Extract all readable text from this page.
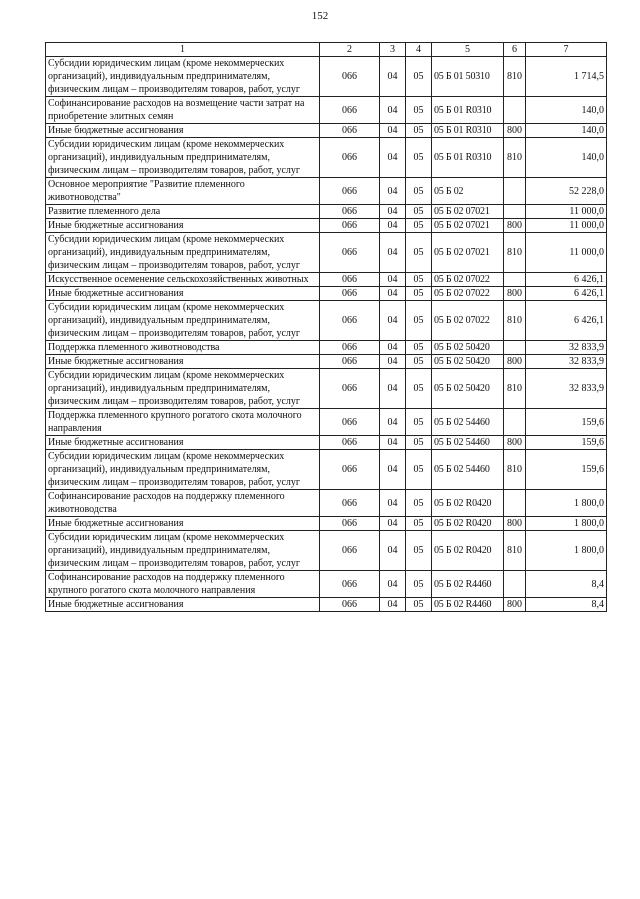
152
1	2	3	4	5	6	7
Субсидии юридическим лицам (кроме некоммерческих организаций), индивидуальным предпринимателям, физическим лицам – производителям товаров, работ, услуг	066	04	05	05 Б 01 50310	810	1 714,5
Софинансирование расходов на возмещение части затрат на приобретение элитных семян	066	04	05	05 Б 01 R0310		140,0
Иные бюджетные ассигнования	066	04	05	05 Б 01 R0310	800	140,0
Субсидии юридическим лицам (кроме некоммерческих организаций), индивидуальным предпринимателям, физическим лицам – производителям товаров, работ, услуг	066	04	05	05 Б 01 R0310	810	140,0
Основное мероприятие "Развитие племенного животноводства"	066	04	05	05 Б 02		52 228,0
Развитие племенного дела	066	04	05	05 Б 02 07021		11 000,0
Иные бюджетные ассигнования	066	04	05	05 Б 02 07021	800	11 000,0
Субсидии юридическим лицам (кроме некоммерческих организаций), индивидуальным предпринимателям, физическим лицам – производителям товаров, работ, услуг	066	04	05	05 Б 02 07021	810	11 000,0
Искусственное осеменение сельскохозяйственных животных	066	04	05	05 Б 02 07022		6 426,1
Иные бюджетные ассигнования	066	04	05	05 Б 02 07022	800	6 426,1
Субсидии юридическим лицам (кроме некоммерческих организаций), индивидуальным предпринимателям, физическим лицам – производителям товаров, работ, услуг	066	04	05	05 Б 02 07022	810	6 426,1
Поддержка племенного животноводства	066	04	05	05 Б 02 50420		32 833,9
Иные бюджетные ассигнования	066	04	05	05 Б 02 50420	800	32 833,9
Субсидии юридическим лицам (кроме некоммерческих организаций), индивидуальным предпринимателям, физическим лицам – производителям товаров, работ, услуг	066	04	05	05 Б 02 50420	810	32 833,9
Поддержка племенного крупного рогатого скота молочного направления	066	04	05	05 Б 02 54460		159,6
Иные бюджетные ассигнования	066	04	05	05 Б 02 54460	800	159,6
Субсидии юридическим лицам (кроме некоммерческих организаций), индивидуальным предпринимателям, физическим лицам – производителям товаров, работ, услуг	066	04	05	05 Б 02 54460	810	159,6
Софинансирование расходов на поддержку племенного животноводства	066	04	05	05 Б 02 R0420		1 800,0
Иные бюджетные ассигнования	066	04	05	05 Б 02 R0420	800	1 800,0
Субсидии юридическим лицам (кроме некоммерческих организаций), индивидуальным предпринимателям, физическим лицам – производителям товаров, работ, услуг	066	04	05	05 Б 02 R0420	810	1 800,0
Софинансирование расходов на поддержку племенного крупного рогатого скота молочного направления	066	04	05	05 Б 02 R4460		8,4
Иные бюджетные ассигнования	066	04	05	05 Б 02 R4460	800	8,4
